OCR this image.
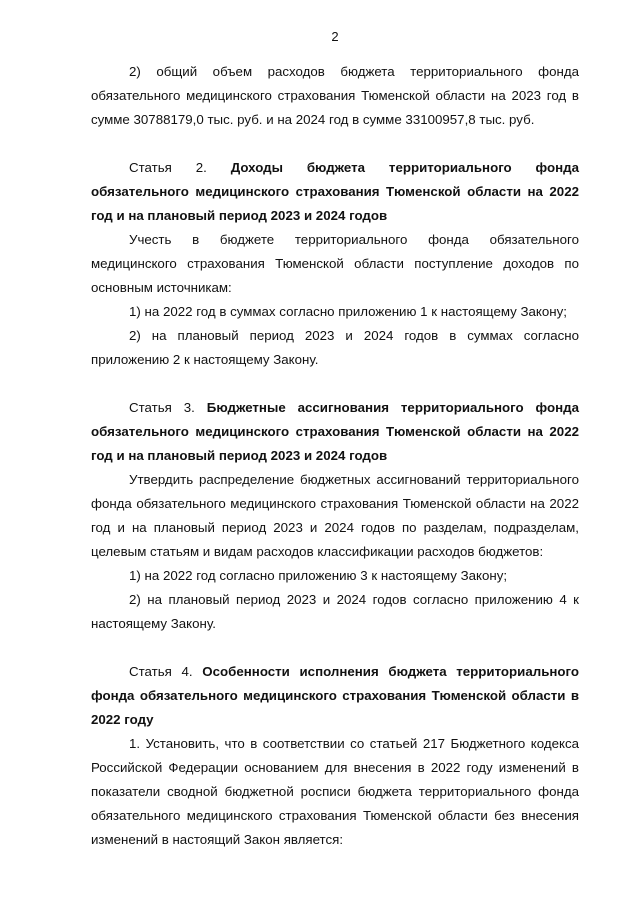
2

2) общий объем расходов бюджета территориального фонда обязательного медицинского страхования Тюменской области на 2023 год в сумме 30788179,0 тыс. руб. и на 2024 год в сумме 33100957,8 тыс. руб.

Статья 2. Доходы бюджета территориального фонда обязательного медицинского страхования Тюменской области на 2022 год и на плановый период 2023 и 2024 годов

Учесть в бюджете территориального фонда обязательного медицинского страхования Тюменской области поступление доходов по основным источникам:

1) на 2022 год в суммах согласно приложению 1 к настоящему Закону;

2) на плановый период 2023 и 2024 годов в суммах согласно приложению 2 к настоящему Закону.

Статья 3. Бюджетные ассигнования территориального фонда обязательного медицинского страхования Тюменской области на 2022 год и на плановый период 2023 и 2024 годов

Утвердить распределение бюджетных ассигнований территориального фонда обязательного медицинского страхования Тюменской области на 2022 год и на плановый период 2023 и 2024 годов по разделам, подразделам, целевым статьям и видам расходов классификации расходов бюджетов:

1) на 2022 год согласно приложению 3 к настоящему Закону;

2) на плановый период 2023 и 2024 годов согласно приложению 4 к настоящему Закону.

Статья 4. Особенности исполнения бюджета территориального фонда обязательного медицинского страхования Тюменской области в 2022 году

1. Установить, что в соответствии со статьей 217 Бюджетного кодекса Российской Федерации основанием для внесения в 2022 году изменений в показатели сводной бюджетной росписи бюджета территориального фонда обязательного медицинского страхования Тюменской области без внесения изменений в настоящий Закон является:
